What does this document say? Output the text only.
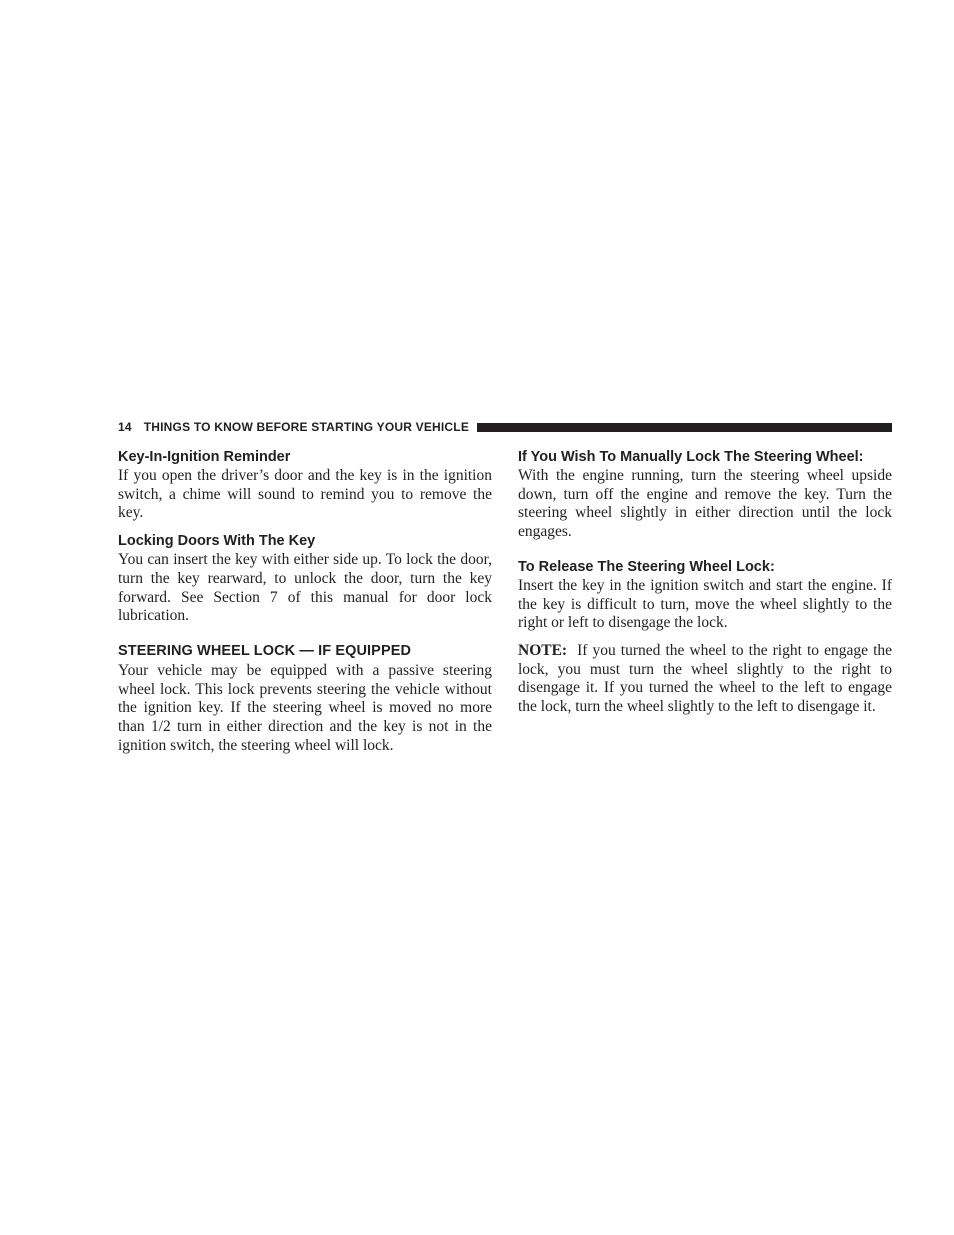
14 THINGS TO KNOW BEFORE STARTING YOUR VEHICLE
Key-In-Ignition Reminder

If you open the driver’s door and the key is in the ignition switch, a chime will sound to remind you to remove the key.

Locking Doors With The Key

You can insert the key with either side up. To lock the door, turn the key rearward, to unlock the door, turn the key forward. See Section 7 of this manual for door lock lubrication.

STEERING WHEEL LOCK — IF EQUIPPED

Your vehicle may be equipped with a passive steering wheel lock. This lock prevents steering the vehicle without the ignition key. If the steering wheel is moved no more than 1/2 turn in either direction and the key is not in the ignition switch, the steering wheel will lock.

If You Wish To Manually Lock The Steering Wheel:

With the engine running, turn the steering wheel upside down, turn off the engine and remove the key. Turn the steering wheel slightly in either direction until the lock engages.

To Release The Steering Wheel Lock:

Insert the key in the ignition switch and start the engine. If the key is difficult to turn, move the wheel slightly to the right or left to disengage the lock.

NOTE: If you turned the wheel to the right to engage the lock, you must turn the wheel slightly to the right to disengage it. If you turned the wheel to the left to engage the lock, turn the wheel slightly to the left to disengage it.
